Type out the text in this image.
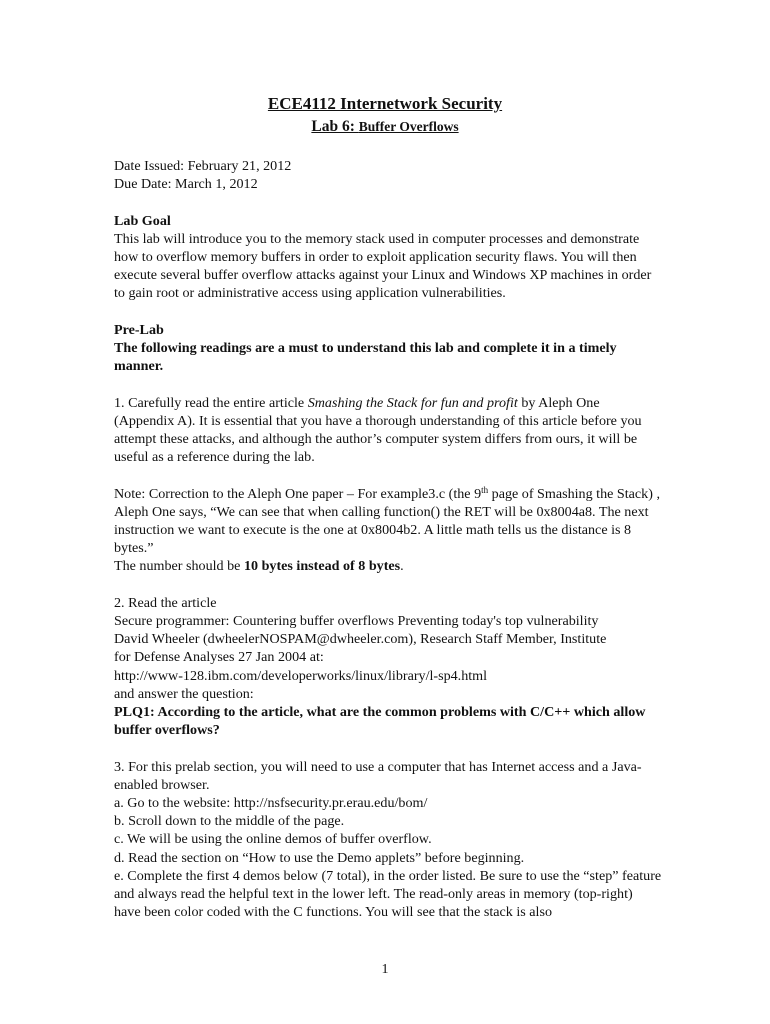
ECE4112 Internetwork Security
Lab 6: Buffer Overflows

Date Issued: February 21, 2012
Due Date: March 1, 2012

Lab Goal
This lab will introduce you to the memory stack used in computer processes and demonstrate how to overflow memory buffers in order to exploit application security flaws. You will then execute several buffer overflow attacks against your Linux and Windows XP machines in order to gain root or administrative access using application vulnerabilities.

Pre-Lab
The following readings are a must to understand this lab and complete it in a timely manner.

1. Carefully read the entire article Smashing the Stack for fun and profit by Aleph One (Appendix A). It is essential that you have a thorough understanding of this article before you attempt these attacks, and although the author’s computer system differs from ours, it will be useful as a reference during the lab.

Note: Correction to the Aleph One paper – For example3.c (the 9th page of Smashing the Stack) , Aleph One says, “We can see that when calling function() the RET will be 0x8004a8. The next instruction we want to execute is the one at 0x8004b2. A little math tells us the distance is 8 bytes.”
The number should be 10 bytes instead of 8 bytes.

2. Read the article
Secure programmer: Countering buffer overflows Preventing today's top vulnerability
David Wheeler (dwheelerNOSPAM@dwheeler.com), Research Staff Member, Institute
for Defense Analyses 27 Jan 2004 at:
http://www-128.ibm.com/developerworks/linux/library/l-sp4.html
and answer the question:
PLQ1: According to the article, what are the common problems with C/C++ which allow buffer overflows?

3. For this prelab section, you will need to use a computer that has Internet access and a Java-enabled browser.
a. Go to the website: http://nsfsecurity.pr.erau.edu/bom/
b. Scroll down to the middle of the page.
c. We will be using the online demos of buffer overflow.
d. Read the section on “How to use the Demo applets” before beginning.
e. Complete the first 4 demos below (7 total), in the order listed. Be sure to use the “step” feature and always read the helpful text in the lower left. The read-only areas in memory (top-right) have been color coded with the C functions. You will see that the stack is also

1
